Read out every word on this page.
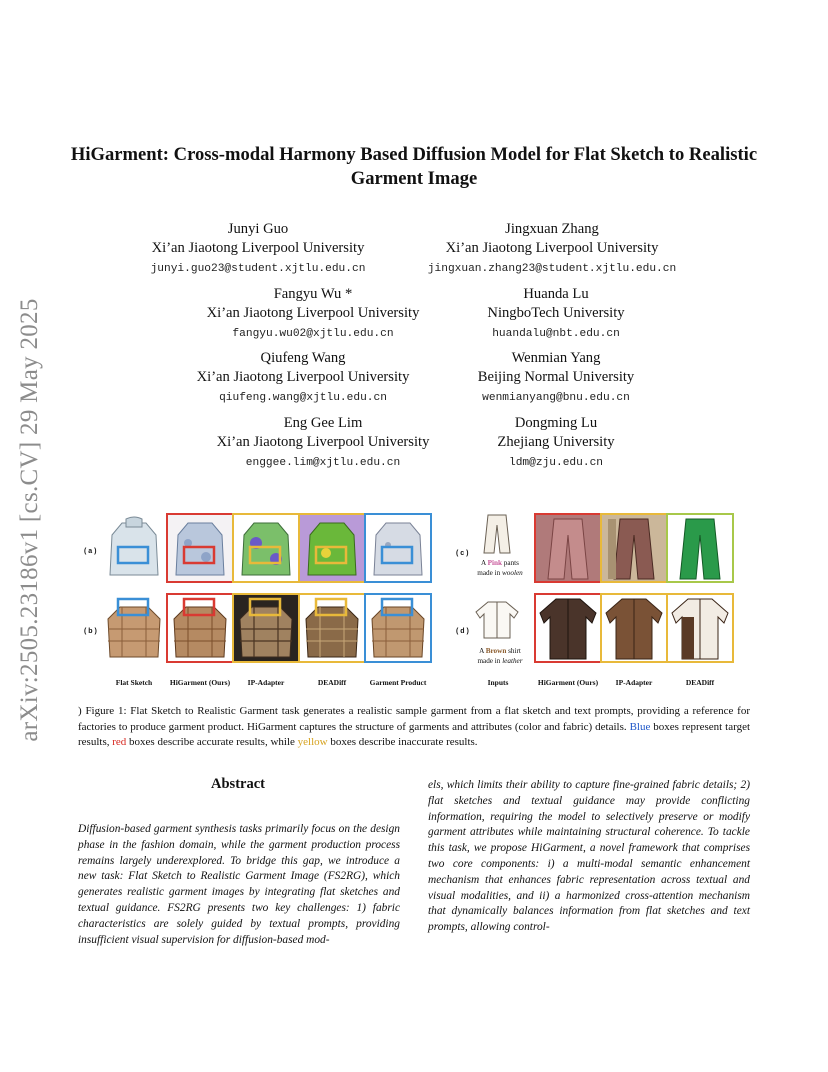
arXiv:2505.23186v1 [cs.CV] 29 May 2025
HiGarment: Cross-modal Harmony Based Diffusion Model for Flat Sketch to Realistic Garment Image
Junyi Guo
Xi’an Jiaotong Liverpool University
junyi.guo23@student.xjtlu.edu.cn
Jingxuan Zhang
Xi’an Jiaotong Liverpool University
jingxuan.zhang23@student.xjtlu.edu.cn
Fangyu Wu *
Xi’an Jiaotong Liverpool University
fangyu.wu02@xjtlu.edu.cn
Huanda Lu
NingboTech University
huandalu@nbt.edu.cn
Qiufeng Wang
Xi’an Jiaotong Liverpool University
qiufeng.wang@xjtlu.edu.cn
Wenmian Yang
Beijing Normal University
wenmianyang@bnu.edu.cn
Eng Gee Lim
Xi’an Jiaotong Liverpool University
enggee.lim@xjtlu.edu.cn
Dongming Lu
Zhejiang University
ldm@zju.edu.cn
( a )
( b )
( c )
( d )
A Pink pants
made in woolen
A Brown shirt
made in leather
Flat Sketch	HiGarment (Ours)	IP-Adapter	DEADiff	Garment Product	Inputs	HiGarment (Ours)	IP-Adapter	DEADiff
) Figure 1: Flat Sketch to Realistic Garment task generates a realistic sample garment from a flat sketch and text prompts, providing a reference for factories to produce garment product. HiGarment captures the structure of garments and attributes (color and fabric) details. Blue boxes represent target results, red boxes describe accurate results, while yellow boxes describe inaccurate results.
Abstract
Diffusion-based garment synthesis tasks primarily focus on the design phase in the fashion domain, while the garment production process remains largely underexplored. To bridge this gap, we introduce a new task: Flat Sketch to Realistic Garment Image (FS2RG), which generates realistic garment images by integrating flat sketches and textual guidance. FS2RG presents two key challenges: 1) fabric characteristics are solely guided by textual prompts, providing insufficient visual supervision for diffusion-based mod-
els, which limits their ability to capture fine-grained fabric details; 2) flat sketches and textual guidance may provide conflicting information, requiring the model to selectively preserve or modify garment attributes while maintaining structural coherence. To tackle this task, we propose HiGarment, a novel framework that comprises two core components: i) a multi-modal semantic enhancement mechanism that enhances fabric representation across textual and visual modalities, and ii) a harmonized cross-attention mechanism that dynamically balances information from flat sketches and text prompts, allowing control-
